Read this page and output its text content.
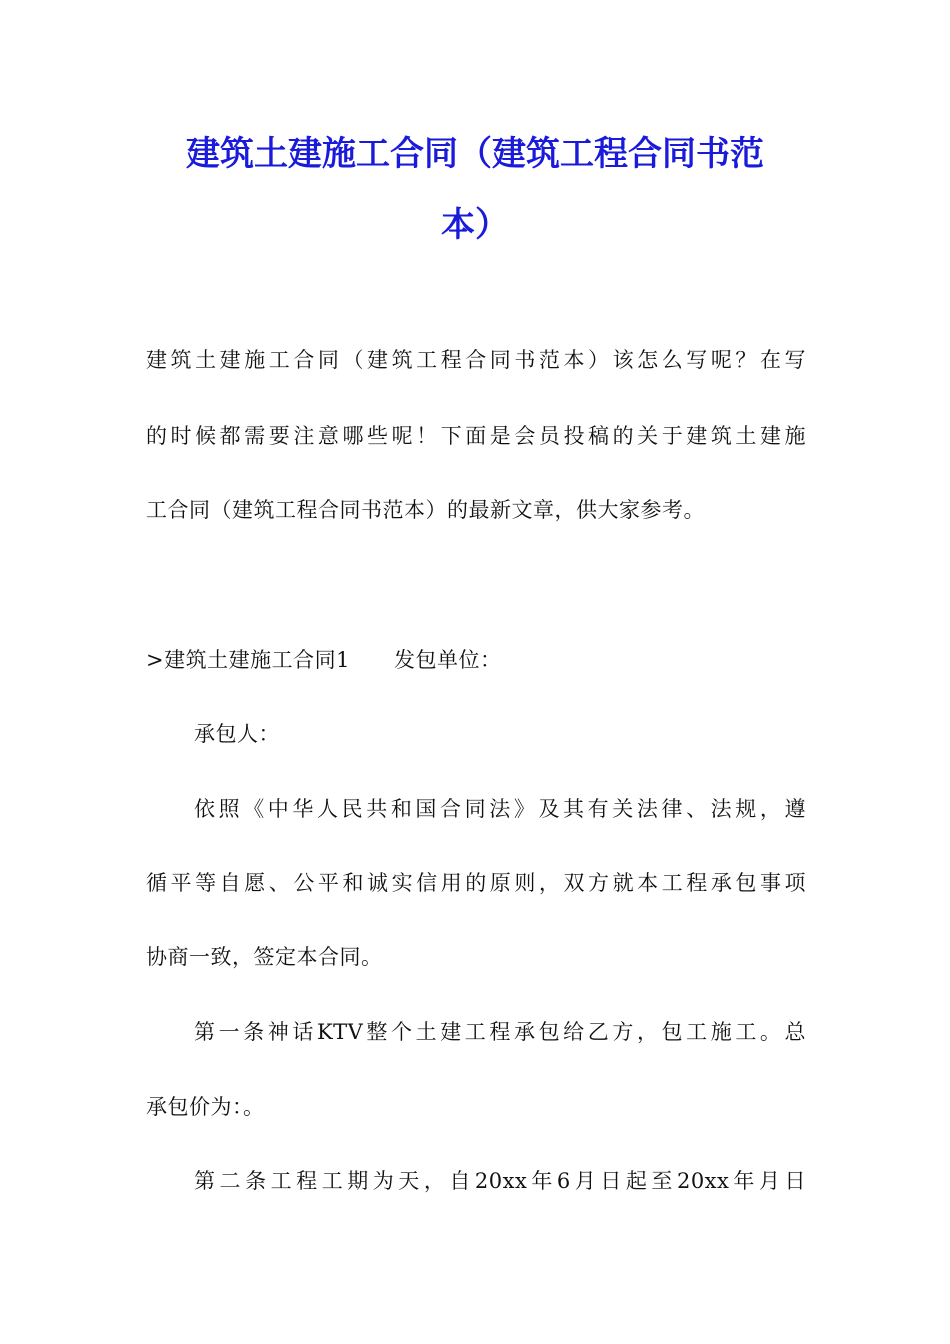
建筑土建施工合同（建筑工程合同书范
本）

建筑土建施工合同（建筑工程合同书范本）该怎么写呢？在写

的时候都需要注意哪些呢！下面是会员投稿的关于建筑土建施

工合同（建筑工程合同书范本）的最新文章，供大家参考。

>建筑土建施工合同1 发包单位：

承包人：

依照《中华人民共和国合同法》及其有关法律、法规，遵

循平等自愿、公平和诚实信用的原则，双方就本工程承包事项

协商一致，签定本合同。

第一条神话KTV整个土建工程承包给乙方，包工施工。总

承包价为：。

第二条工程工期为天，自20xx年6月日起至20xx年月日
